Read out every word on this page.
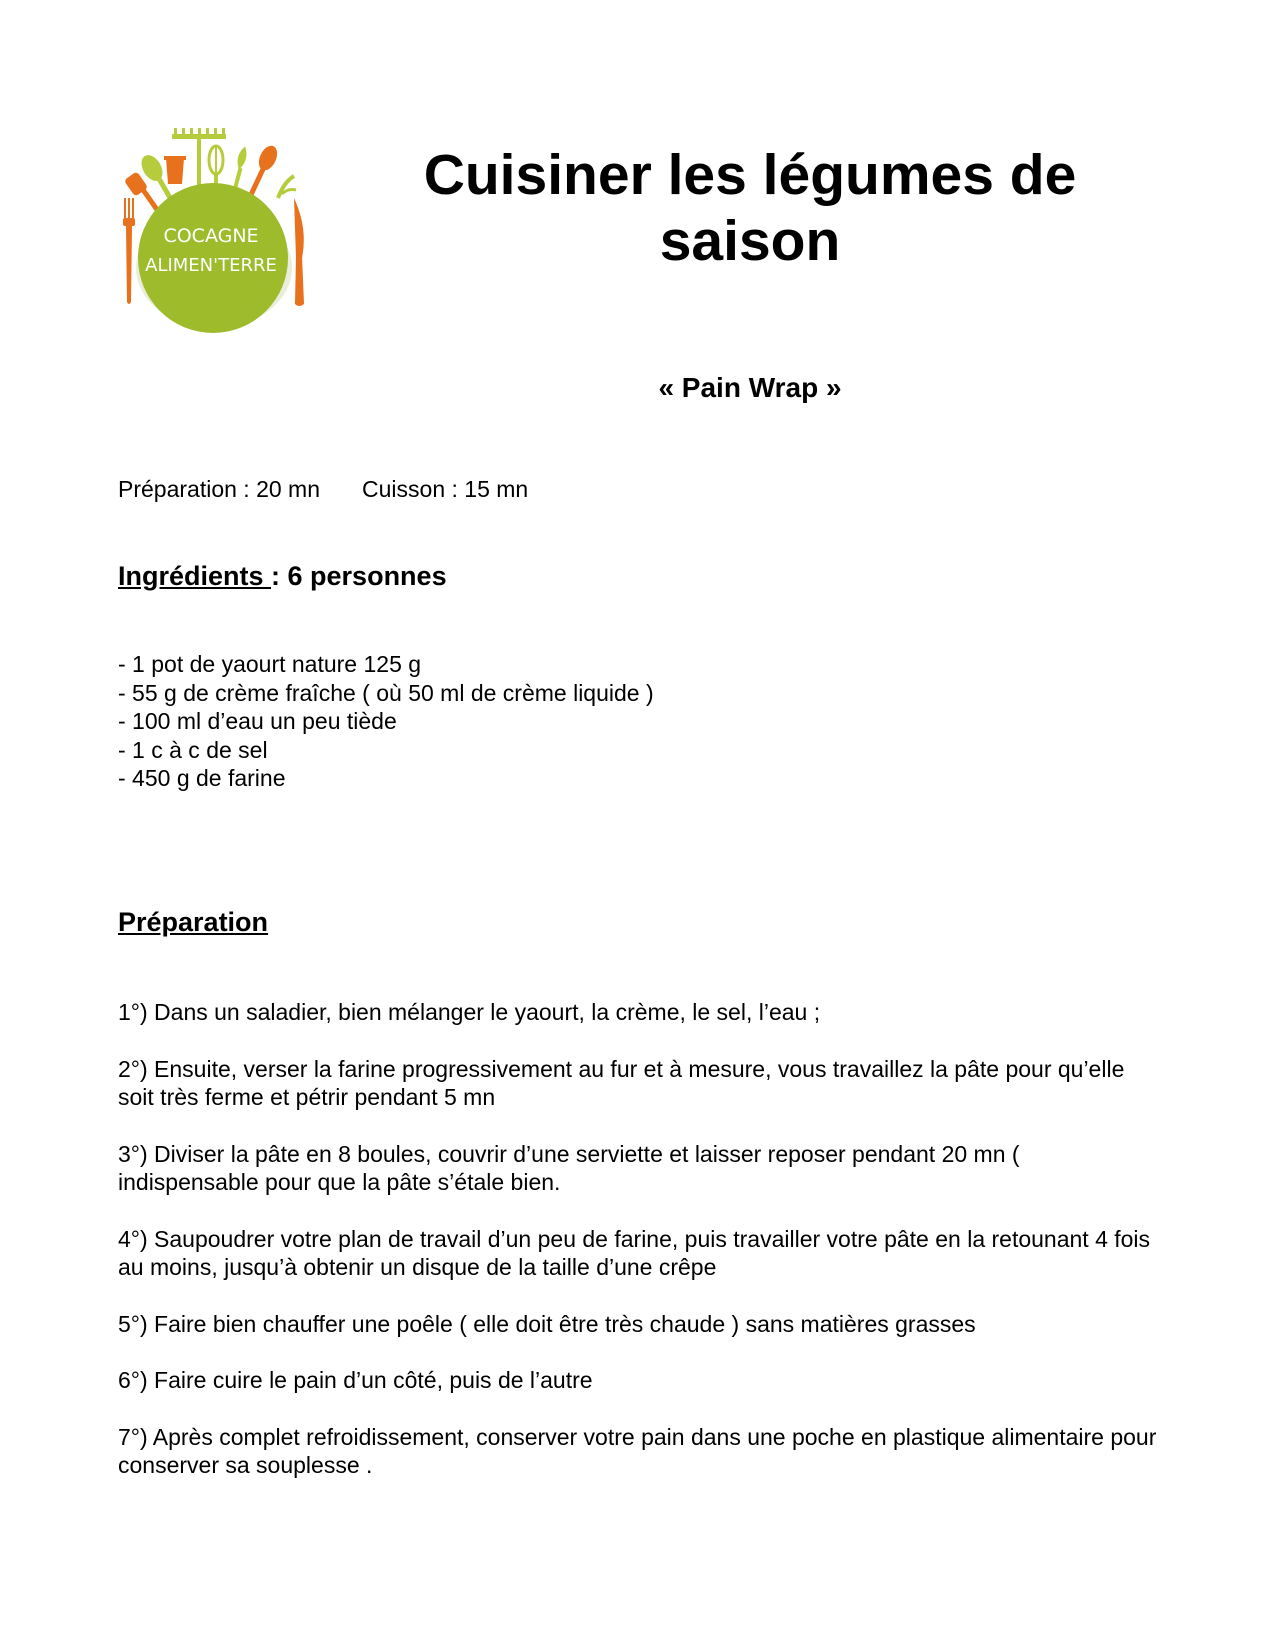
COCAGNE
ALIMEN'TERRE
Cuisiner les légumes de saison
« Pain Wrap »
Préparation : 20 mn Cuisson : 15 mn
Ingrédients : 6 personnes
- 1 pot de yaourt nature 125 g
- 55 g de crème fraîche ( où 50 ml de crème liquide )
- 100 ml d’eau un peu tiède
- 1 c à c de sel
- 450 g de farine
Préparation
1°) Dans un saladier, bien mélanger le yaourt, la crème, le sel, l’eau ;
2°) Ensuite, verser la farine progressivement au fur et à mesure, vous travaillez la pâte pour qu’elle soit très ferme et pétrir pendant 5 mn
3°) Diviser la pâte en 8 boules, couvrir d’une serviette et laisser reposer pendant 20 mn ( indispensable pour que la pâte s’étale bien.
4°) Saupoudrer votre plan de travail d’un peu de farine, puis travailler votre pâte en la retounant 4 fois au moins, jusqu’à obtenir un disque de la taille d’une crêpe
5°) Faire bien chauffer une poêle ( elle doit être très chaude ) sans matières grasses
6°) Faire cuire le pain d’un côté, puis de l’autre
7°) Après complet refroidissement, conserver votre pain dans une poche en plastique alimentaire pour conserver sa souplesse .
